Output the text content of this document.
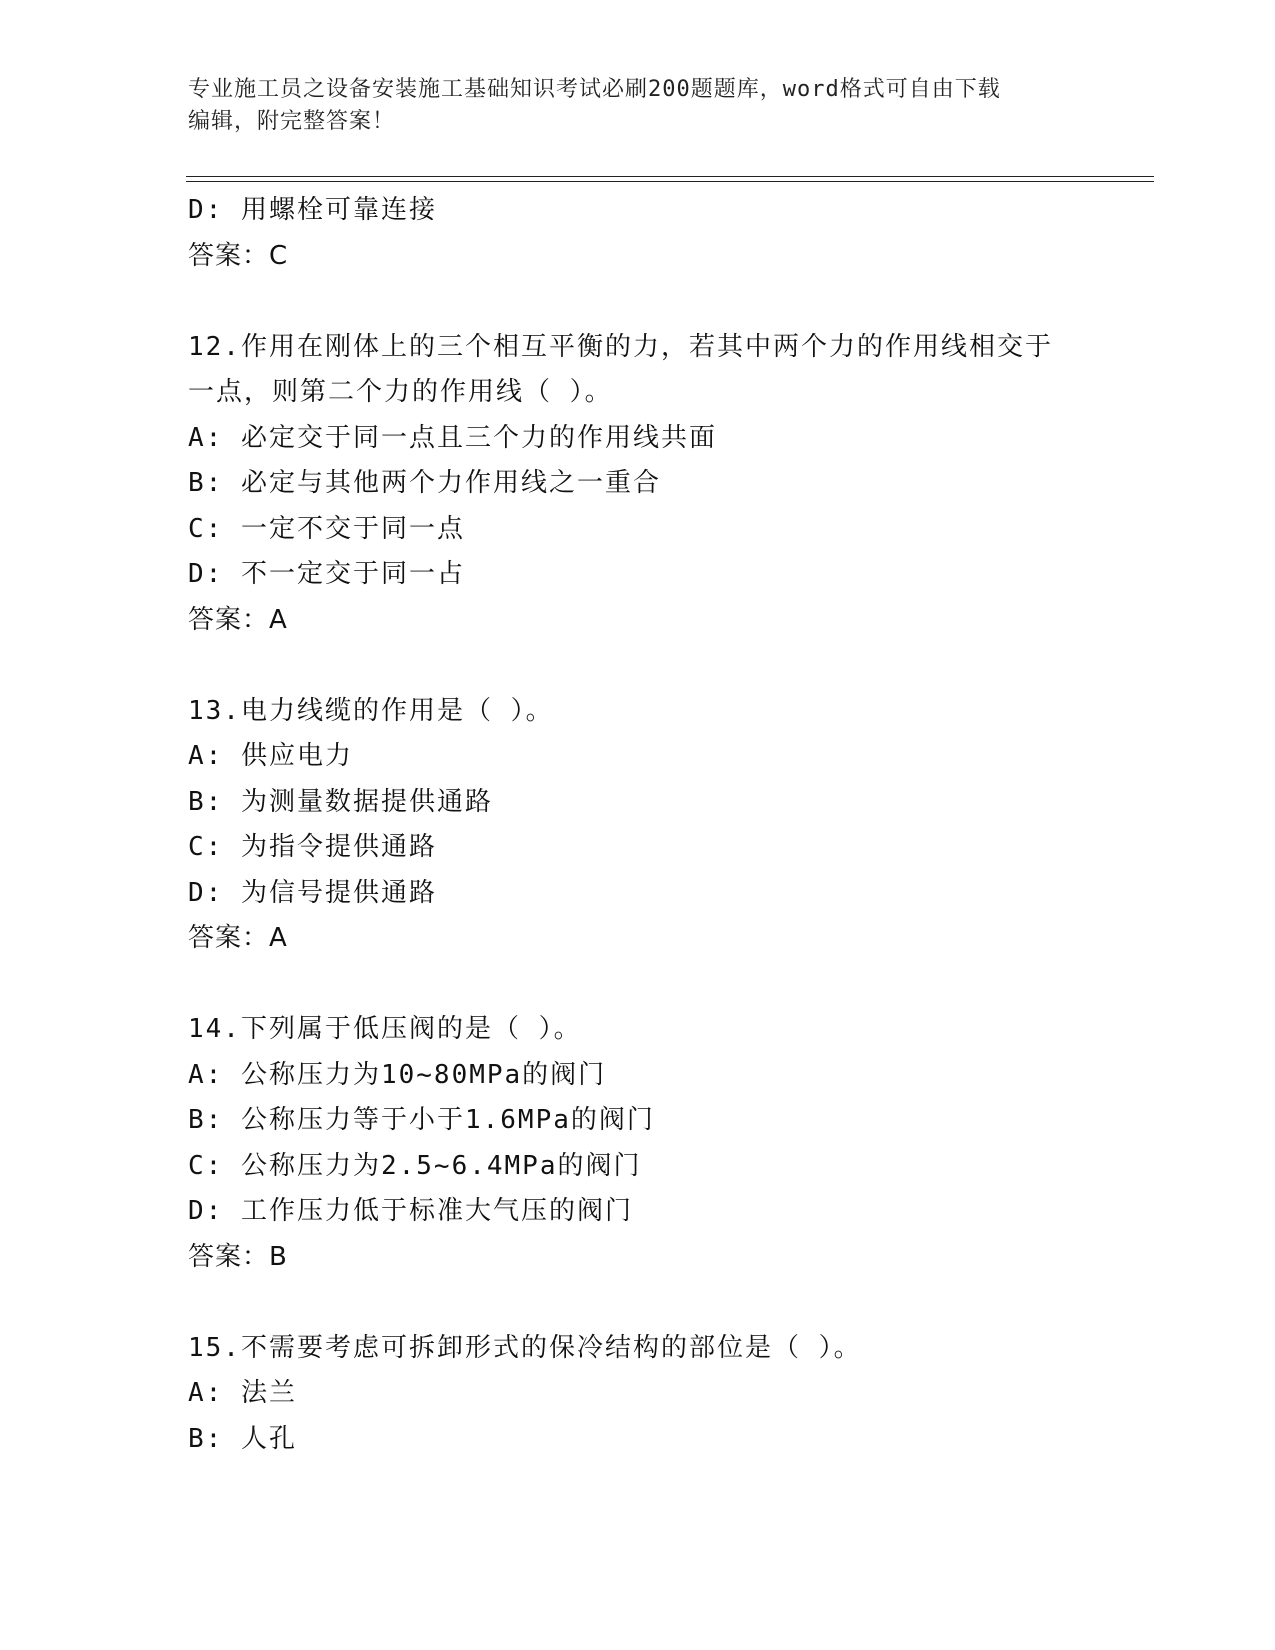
专业施工员之设备安装施工基础知识考试必刷200题题库，word格式可自由下载
编辑，附完整答案！
D: 用螺栓可靠连接
答案：C
12.作用在刚体上的三个相互平衡的力，若其中两个力的作用线相交于
一点，则第二个力的作用线（ ）。
A: 必定交于同一点且三个力的作用线共面
B: 必定与其他两个力作用线之一重合
C: 一定不交于同一点
D: 不一定交于同一占
答案：A
13.电力线缆的作用是（ ）。
A: 供应电力
B: 为测量数据提供通路
C: 为指令提供通路
D: 为信号提供通路
答案：A
14.下列属于低压阀的是（ ）。
A: 公称压力为10~80MPa的阀门
B: 公称压力等于小于1.6MPa的阀门
C: 公称压力为2.5~6.4MPa的阀门
D: 工作压力低于标准大气压的阀门
答案：B
15.不需要考虑可拆卸形式的保冷结构的部位是（ ）。
A: 法兰
B: 人孔
